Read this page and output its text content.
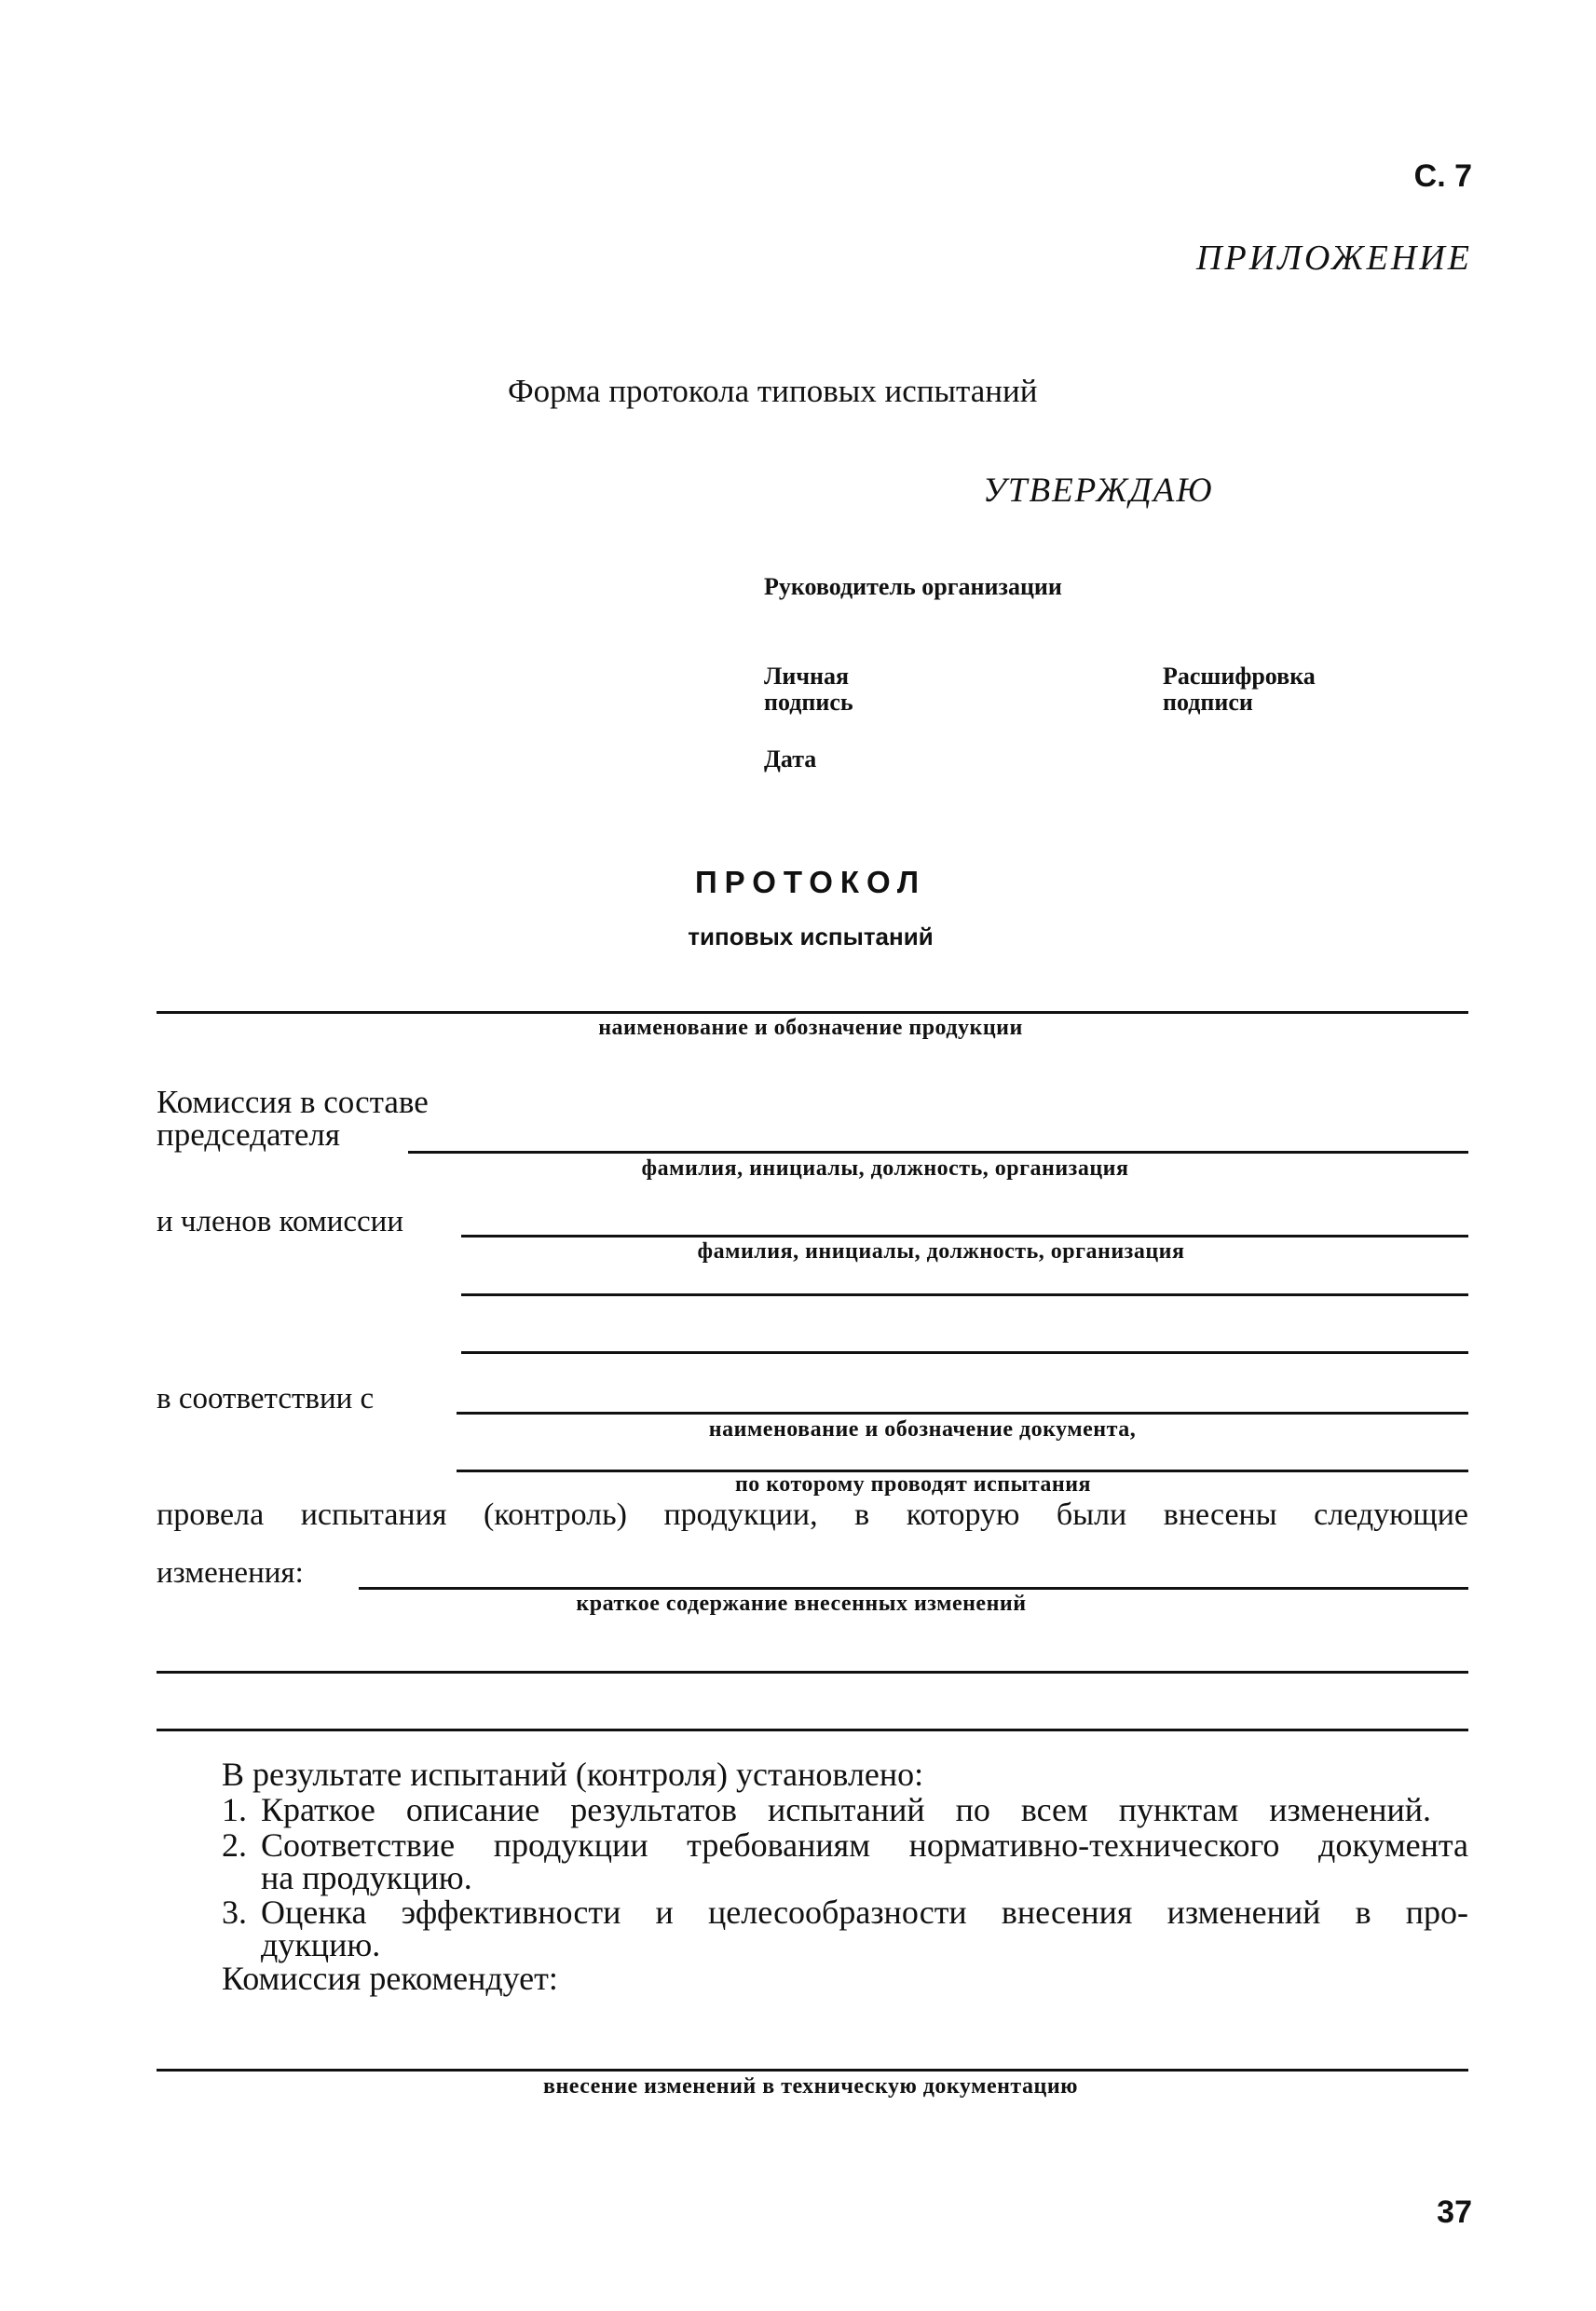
С. 7
ПРИЛОЖЕНИЕ
Форма протокола типовых испытаний
УТВЕРЖДАЮ
Руководитель организации
Личная
подпись
Расшифровка
подписи
Дата
ПРОТОКОЛ
типовых испытаний
наименование и обозначение продукции
Комиссия в составе
председателя
фамилия, инициалы, должность, организация
и членов комиссии
фамилия, инициалы, должность, организация
в соответствии с
наименование и обозначение документа,
по которому проводят испытания
провела испытания (контроль) продукции, в которую были внесены следующие
изменения:
краткое содержание внесенных изменений
В результате испытаний (контроля) установлено:
1. Краткое описание результатов испытаний по всем пунктам изменений.
2. Соответствие продукции требованиям нормативно-технического документа
на продукцию.
3. Оценка эффективности и целесообразности внесения изменений в про-
дукцию.
Комиссия рекомендует:
внесение изменений в техническую документацию
37
